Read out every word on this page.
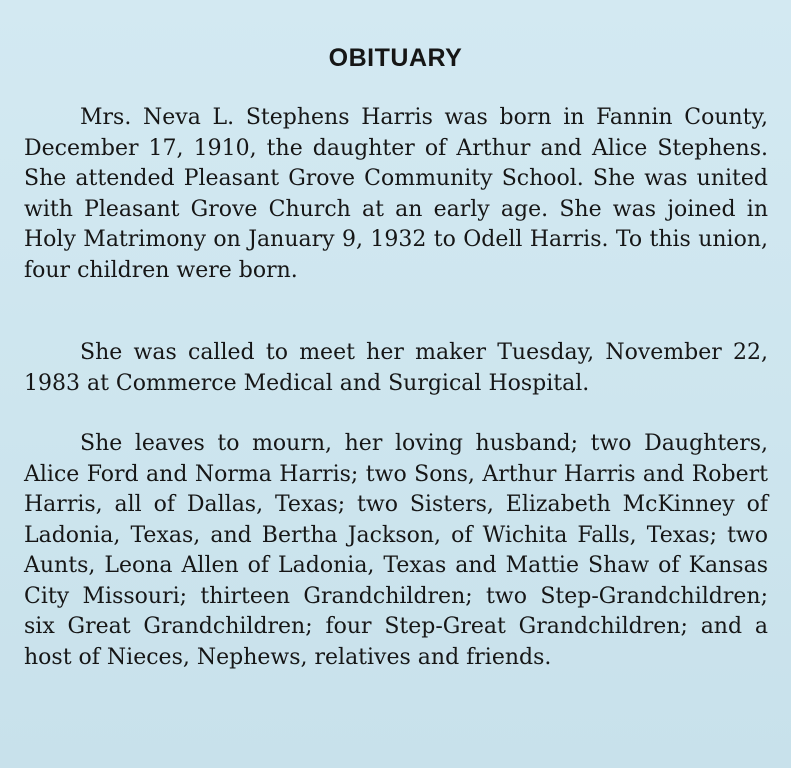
OBITUARY

Mrs. Neva L. Stephens Harris was born in Fannin County, December 17, 1910, the daughter of Arthur and Alice Stephens. She attended Pleasant Grove Community School. She was united with Pleasant Grove Church at an early age. She was joined in Holy Matrimony on January 9, 1932 to Odell Harris. To this union, four children were born.

She was called to meet her maker Tuesday, November 22, 1983 at Commerce Medical and Surgical Hospital.

She leaves to mourn, her loving husband; two Daughters, Alice Ford and Norma Harris; two Sons, Arthur Harris and Robert Harris, all of Dallas, Texas; two Sisters, Elizabeth McKinney of Ladonia, Texas, and Bertha Jackson, of Wichita Falls, Texas; two Aunts, Leona Allen of Ladonia, Texas and Mattie Shaw of Kansas City Missouri; thirteen Grandchildren; two Step-Grandchildren; six Great Grandchildren; four Step-Great Grandchildren; and a host of Nieces, Nephews, relatives and friends.
